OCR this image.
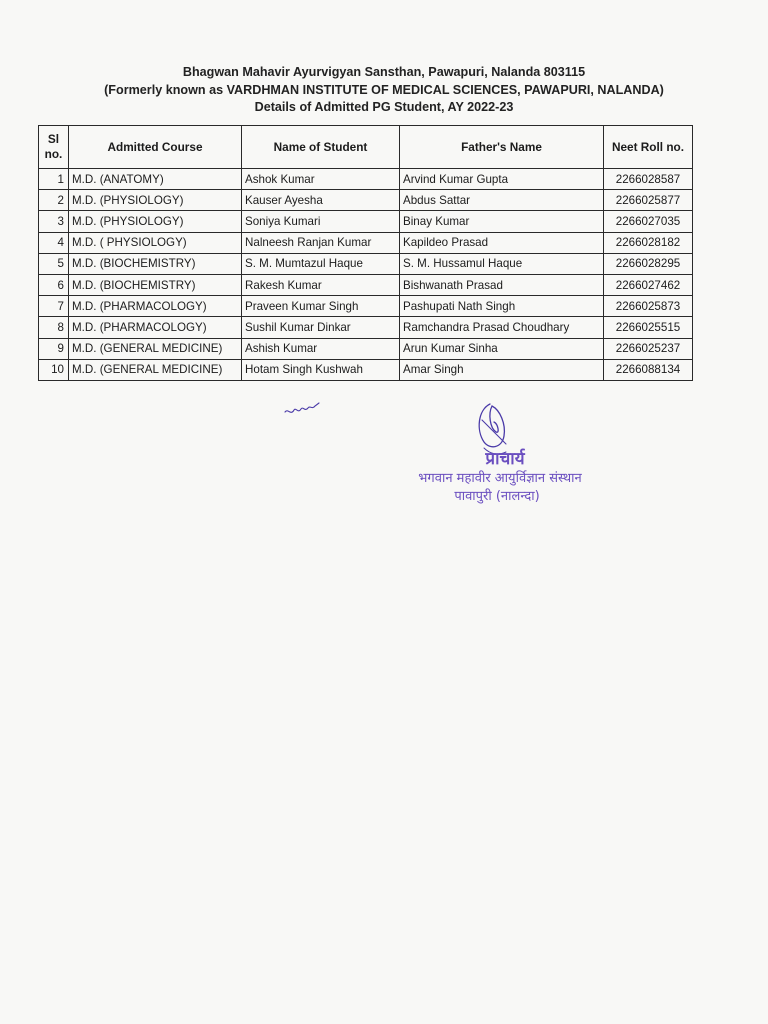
Bhagwan Mahavir Ayurvigyan Sansthan, Pawapuri, Nalanda 803115
(Formerly known as VARDHMAN INSTITUTE OF MEDICAL SCIENCES, PAWAPURI, NALANDA)
Details of Admitted PG Student, AY 2022-23
Sl
no.	Admitted Course	Name of Student	Father's Name	Neet Roll no.
1	M.D. (ANATOMY)	Ashok Kumar	Arvind Kumar Gupta	2266028587
2	M.D. (PHYSIOLOGY)	Kauser Ayesha	Abdus Sattar	2266025877
3	M.D. (PHYSIOLOGY)	Soniya Kumari	Binay Kumar	2266027035
4	M.D. ( PHYSIOLOGY)	Nalneesh Ranjan Kumar	Kapildeo Prasad	2266028182
5	M.D. (BIOCHEMISTRY)	S. M. Mumtazul Haque	S. M. Hussamul Haque	2266028295
6	M.D. (BIOCHEMISTRY)	Rakesh Kumar	Bishwanath Prasad	2266027462
7	M.D. (PHARMACOLOGY)	Praveen Kumar Singh	Pashupati Nath Singh	2266025873
8	M.D. (PHARMACOLOGY)	Sushil Kumar Dinkar	Ramchandra Prasad Choudhary	2266025515
9	M.D. (GENERAL MEDICINE)	Ashish Kumar	Arun Kumar Sinha	2266025237
10	M.D. (GENERAL MEDICINE)	Hotam Singh Kushwah	Amar Singh	2266088134
प्राचार्य
भगवान महावीर आयुर्विज्ञान संस्थान
पावापुरी (नालन्दा)
